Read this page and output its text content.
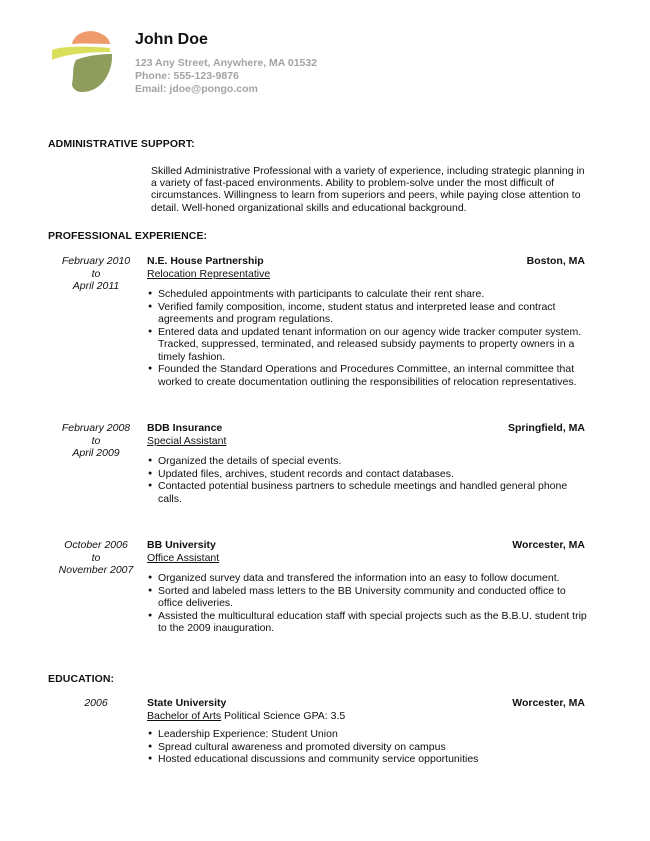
John Doe
123 Any Street, Anywhere, MA 01532
Phone: 555-123-9876
Email: jdoe@pongo.com
ADMINISTRATIVE SUPPORT:
Skilled Administrative Professional with a variety of experience, including strategic planning in a variety of fast-paced environments. Ability to problem-solve under the most difficult of circumstances. Willingness to learn from superiors and peers, while paying close attention to detail. Well-honed organizational skills and educational background.
PROFESSIONAL EXPERIENCE:
February 2010
to
April 2011
N.E. House Partnership	Boston, MA
Relocation Representative
● Scheduled appointments with participants to calculate their rent share.
● Verified family composition, income, student status and interpreted lease and contract agreements and program regulations.
● Entered data and updated tenant information on our agency wide tracker computer system. Tracked, suppressed, terminated, and released subsidy payments to property owners in a timely fashion.
● Founded the Standard Operations and Procedures Committee, an internal committee that worked to create documentation outlining the responsibilities of relocation representatives.
February 2008
to
April 2009
BDB Insurance	Springfield, MA
Special Assistant
● Organized the details of special events.
● Updated files, archives, student records and contact databases.
● Contacted potential business partners to schedule meetings and handled general phone calls.
October 2006
to
November 2007
BB University	Worcester, MA
Office Assistant
● Organized survey data and transfered the information into an easy to follow document.
● Sorted and labeled mass letters to the BB University community and conducted office to office deliveries.
● Assisted the multicultural education staff with special projects such as the B.B.U. student trip to the 2009 inauguration.
EDUCATION:
2006	State University	Worcester, MA
Bachelor of Arts Political Science GPA: 3.5
● Leadership Experience: Student Union
● Spread cultural awareness and promoted diversity on campus
● Hosted educational discussions and community service opportunities
